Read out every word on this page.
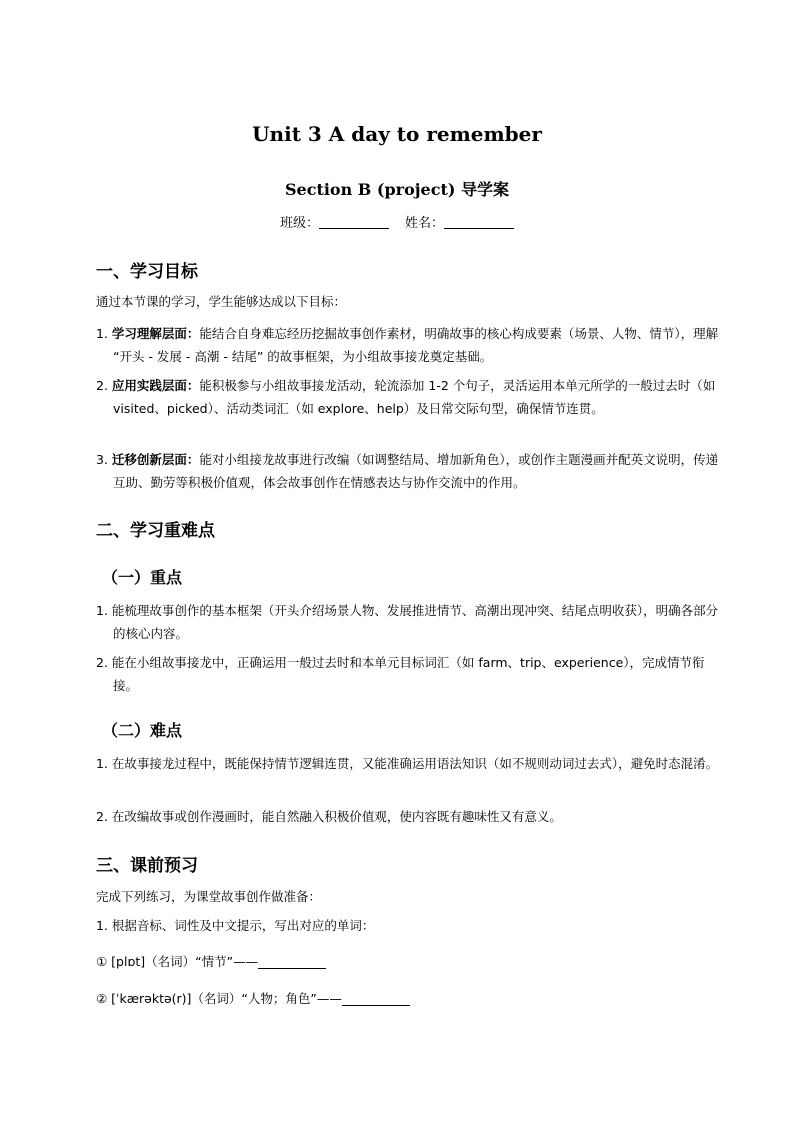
Unit 3 A day to remember
Section B (project) 导学案
班级：	姓名：
一、学习目标
通过本节课的学习，学生能够达成以下目标：
1. 学习理解层面：能结合自身难忘经历挖掘故事创作素材，明确故事的核心构成要素（场景、人物、情节），理解 “开头 - 发展 - 高潮 - 结尾” 的故事框架，为小组故事接龙奠定基础。
2. 应用实践层面：能积极参与小组故事接龙活动，轮流添加 1-2 个句子，灵活运用本单元所学的一般过去时（如 visited、picked）、活动类词汇（如 explore、help）及日常交际句型，确保情节连贯。
3. 迁移创新层面：能对小组接龙故事进行改编（如调整结局、增加新角色），或创作主题漫画并配英文说明，传递互助、勤劳等积极价值观，体会故事创作在情感表达与协作交流中的作用。
二、学习重难点
（一）重点
1. 能梳理故事创作的基本框架（开头介绍场景人物、发展推进情节、高潮出现冲突、结尾点明收获），明确各部分的核心内容。
2. 能在小组故事接龙中，正确运用一般过去时和本单元目标词汇（如 farm、trip、experience），完成情节衔接。
（二）难点
1. 在故事接龙过程中，既能保持情节逻辑连贯，又能准确运用语法知识（如不规则动词过去式），避免时态混淆。
2. 在改编故事或创作漫画时，能自然融入积极价值观，使内容既有趣味性又有意义。
三、课前预习
完成下列练习，为课堂故事创作做准备：
1. 根据音标、词性及中文提示，写出对应的单词：
① [plɒt]（名词）“情节”——
② [ˈkærəktə(r)]（名词）“人物；角色”——
